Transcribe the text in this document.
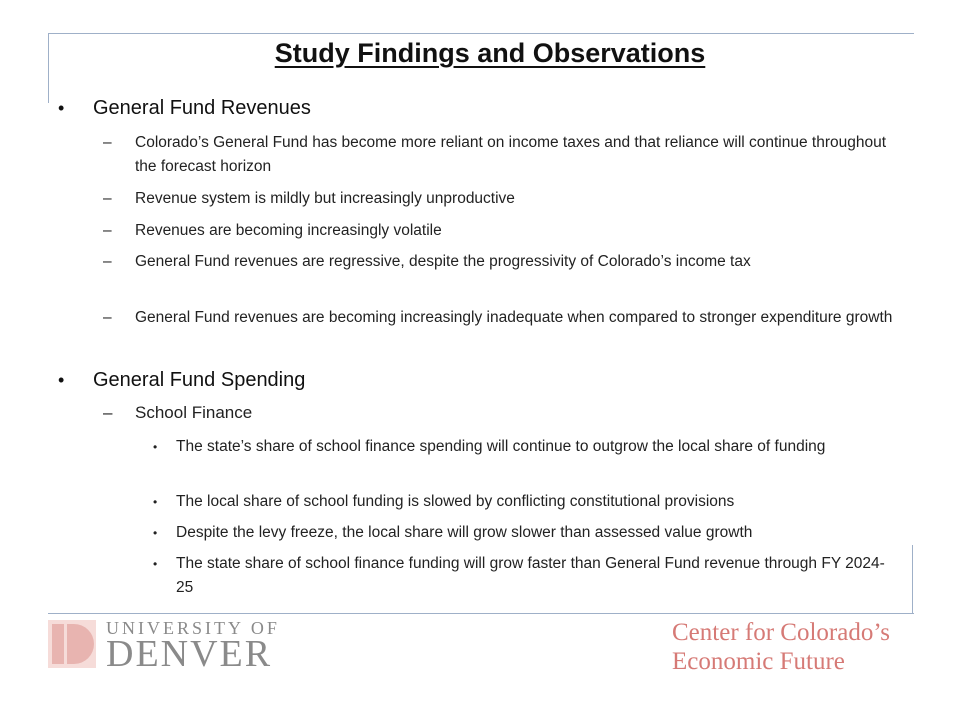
Study Findings and Observations
• General Fund Revenues
– Colorado’s General Fund has become more reliant on income taxes and that reliance will continue throughout the forecast horizon
– Revenue system is mildly but increasingly unproductive
– Revenues are becoming increasingly volatile
– General Fund revenues are regressive, despite the progressivity of Colorado’s income tax
– General Fund revenues are becoming increasingly inadequate when compared to stronger expenditure growth
• General Fund Spending
– School Finance
• The state’s share of school finance spending will continue to outgrow the local share of funding
• The local share of school funding is slowed by conflicting constitutional provisions
• Despite the levy freeze, the local share will grow slower than assessed value growth
• The state share of school finance funding will grow faster than General Fund revenue through FY 2024-25
UNIVERSITY OF
DENVER
Center for Colorado’s
Economic Future
